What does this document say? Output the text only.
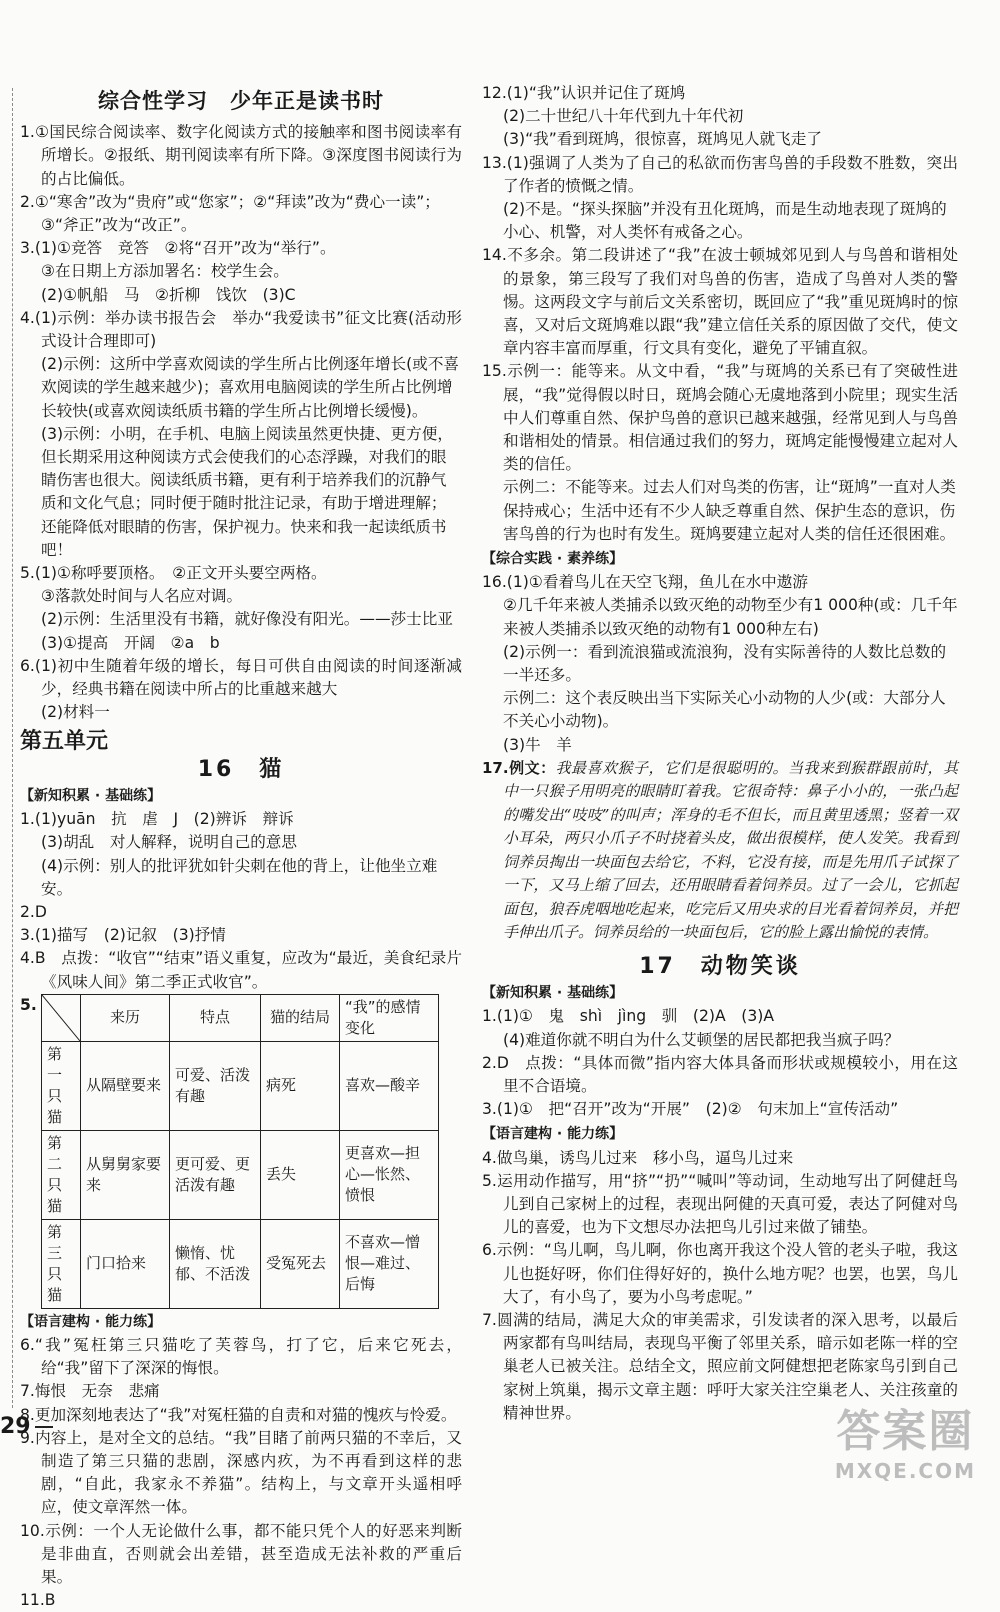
综合性学习　少年正是读书时

1.①国民综合阅读率、数字化阅读方式的接触率和图书阅读率有所增长。②报纸、期刊阅读率有所下降。③深度图书阅读行为的占比偏低。

2.①“寒舍”改为“贵府”或“您家”；②“拜读”改为“费心一读”；
③“斧正”改为“改正”。

3.(1)①竞答　竞答　②将“召开”改为“举行”。

③在日期上方添加署名：校学生会。

(2)①帆船　马　②折柳　饯饮　(3)C

4.(1)示例：举办读书报告会　举办“我爱读书”征文比赛(活动形式设计合理即可)

(2)示例：这所中学喜欢阅读的学生所占比例逐年增长(或不喜欢阅读的学生越来越少)；喜欢用电脑阅读的学生所占比例增长较快(或喜欢阅读纸质书籍的学生所占比例增长缓慢)。

(3)示例：小明，在手机、电脑上阅读虽然更快捷、更方便，但长期采用这种阅读方式会使我们的心态浮躁，对我们的眼睛伤害也很大。阅读纸质书籍，更有利于培养我们的沉静气质和文化气息；同时便于随时批注记录，有助于增进理解；还能降低对眼睛的伤害，保护视力。快来和我一起读纸质书吧！

5.(1)①称呼要顶格。　②正文开头要空两格。

③落款处时间与人名应对调。

(2)示例：生活里没有书籍，就好像没有阳光。——莎士比亚

(3)①提高　开阔　②a　b

6.(1)初中生随着年级的增长，每日可供自由阅读的时间逐渐减少，经典书籍在阅读中所占的比重越来越大

(2)材料一

第五单元
16　猫
【新知积累 · 基础练】

1.(1)yuān　抗　虐　J　(2)辨诉　辩诉

(3)胡乱　对人解释，说明自己的意思

(4)示例：别人的批评犹如针尖刺在他的背上，让他坐立难安。

2.D

3.(1)描写　(2)记叙　(3)抒情

4.B　点拨：“收官”“结束”语义重复，应改为“最近，美食纪录片《风味人间》第二季正式收官”。

5.
	来历	特点	猫的结局	“我”的感情变化
第一只猫	从隔壁要来	可爱、活泼有趣	病死	喜欢—酸辛
第二只猫	从舅舅家要来	更可爱、更活泼有趣	丢失	更喜欢—担心—怅然、愤恨
第三只猫	门口拾来	懒惰、忧郁、不活泼	受冤死去	不喜欢—憎恨—难过、后悔
【语言建构 · 能力练】

6.“我”冤枉第三只猫吃了芙蓉鸟，打了它，后来它死去，给“我”留下了深深的悔恨。

7.悔恨　无奈　悲痛

8.更加深刻地表达了“我”对冤枉猫的自责和对猫的愧疚与怜爱。

9.内容上，是对全文的总结。“我”目睹了前两只猫的不幸后，又制造了第三只猫的悲剧，深感内疚，为不再看到这样的悲剧，“自此，我家永不养猫”。结构上，与文章开头遥相呼应，使文章浑然一体。

10.示例：一个人无论做什么事，都不能只凭个人的好恶来判断是非曲直，否则就会出差错，甚至造成无法补救的严重后果。

11.B

12.(1)“我”认识并记住了斑鸠

(2)二十世纪八十年代到九十年代初

(3)“我”看到斑鸠，很惊喜，斑鸠见人就飞走了

13.(1)强调了人类为了自己的私欲而伤害鸟兽的手段数不胜数，突出了作者的愤慨之情。

(2)不是。“探头探脑”并没有丑化斑鸠，而是生动地表现了斑鸠的小心、机警，对人类怀有戒备之心。

14.不多余。第二段讲述了“我”在波士顿城郊见到人与鸟兽和谐相处的景象，第三段写了我们对鸟兽的伤害，造成了鸟兽对人类的警惕。这两段文字与前后文关系密切，既回应了“我”重见斑鸠时的惊喜，又对后文斑鸠难以跟“我”建立信任关系的原因做了交代，使文章内容丰富而厚重，行文具有变化，避免了平铺直叙。

15.示例一：能等来。从文中看，“我”与斑鸠的关系已有了突破性进展，“我”觉得假以时日，斑鸠会随心无虞地落到小院里；现实生活中人们尊重自然、保护鸟兽的意识已越来越强，经常见到人与鸟兽和谐相处的情景。相信通过我们的努力，斑鸠定能慢慢建立起对人类的信任。

示例二：不能等来。过去人们对鸟类的伤害，让“斑鸠”一直对人类保持戒心；生活中还有不少人缺乏尊重自然、保护生态的意识，伤害鸟兽的行为也时有发生。斑鸠要建立起对人类的信任还很困难。

【综合实践 · 素养练】

16.(1)①看着鸟儿在天空飞翔，鱼儿在水中遨游

②几千年来被人类捕杀以致灭绝的动物至少有1 000种(或：几千年来被人类捕杀以致灭绝的动物有1 000种左右)

(2)示例一：看到流浪猫或流浪狗，没有实际善待的人数比总数的一半还多。

示例二：这个表反映出当下实际关心小动物的人少(或：大部分人不关心小动物)。

(3)牛　羊

17.例文：我最喜欢猴子，它们是很聪明的。当我来到猴群跟前时，其中一只猴子用明亮的眼睛盯着我。它很奇特：鼻子小小的，一张凸起的嘴发出“吱吱”的叫声；浑身的毛不但长，而且黄里透黑；竖着一双小耳朵，两只小爪子不时挠着头皮，做出很模样，使人发笑。我看到饲养员掏出一块面包去给它，不料，它没有接，而是先用爪子试探了一下，又马上缩了回去，还用眼睛看着饲养员。过了一会儿，它抓起面包，狼吞虎咽地吃起来，吃完后又用央求的目光看着饲养员，并把手伸出爪子。饲养员给的一块面包后，它的脸上露出愉悦的表情。

17　动物笑谈
【新知积累 · 基础练】

1.(1)①　鬼　shì　jìng　驯　(2)A　(3)A

(4)难道你就不明白为什么艾顿堡的居民都把我当疯子吗？

2.D　点拨：“具体而微”指内容大体具备而形状或规模较小，用在这里不合语境。

3.(1)①　把“召开”改为“开展”　(2)②　句末加上“宣传活动”

【语言建构 · 能力练】

4.做鸟巢，诱鸟儿过来　移小鸟，逼鸟儿过来

5.运用动作描写，用“挤”“扔”“喊叫”等动词，生动地写出了阿健赶鸟儿到自己家树上的过程，表现出阿健的天真可爱，表达了阿健对鸟儿的喜爱，也为下文想尽办法把鸟儿引过来做了铺垫。

6.示例：“鸟儿啊，鸟儿啊，你也离开我这个没人管的老头子啦，我这儿也挺好呀，你们住得好好的，换什么地方呢？也罢，也罢，鸟儿大了，有小鸟了，要为小鸟考虑呢。”

7.圆满的结局，满足大众的审美需求，引发读者的深入思考，以最后两家都有鸟叫结局，表现鸟平衡了邻里关系，暗示如老陈一样的空巢老人已被关注。总结全文，照应前文阿健想把老陈家鸟引到自己家树上筑巢，揭示文章主题：呼吁大家关注空巢老人、关注孩童的精神世界。

29	答案圈
MXQE.COM
